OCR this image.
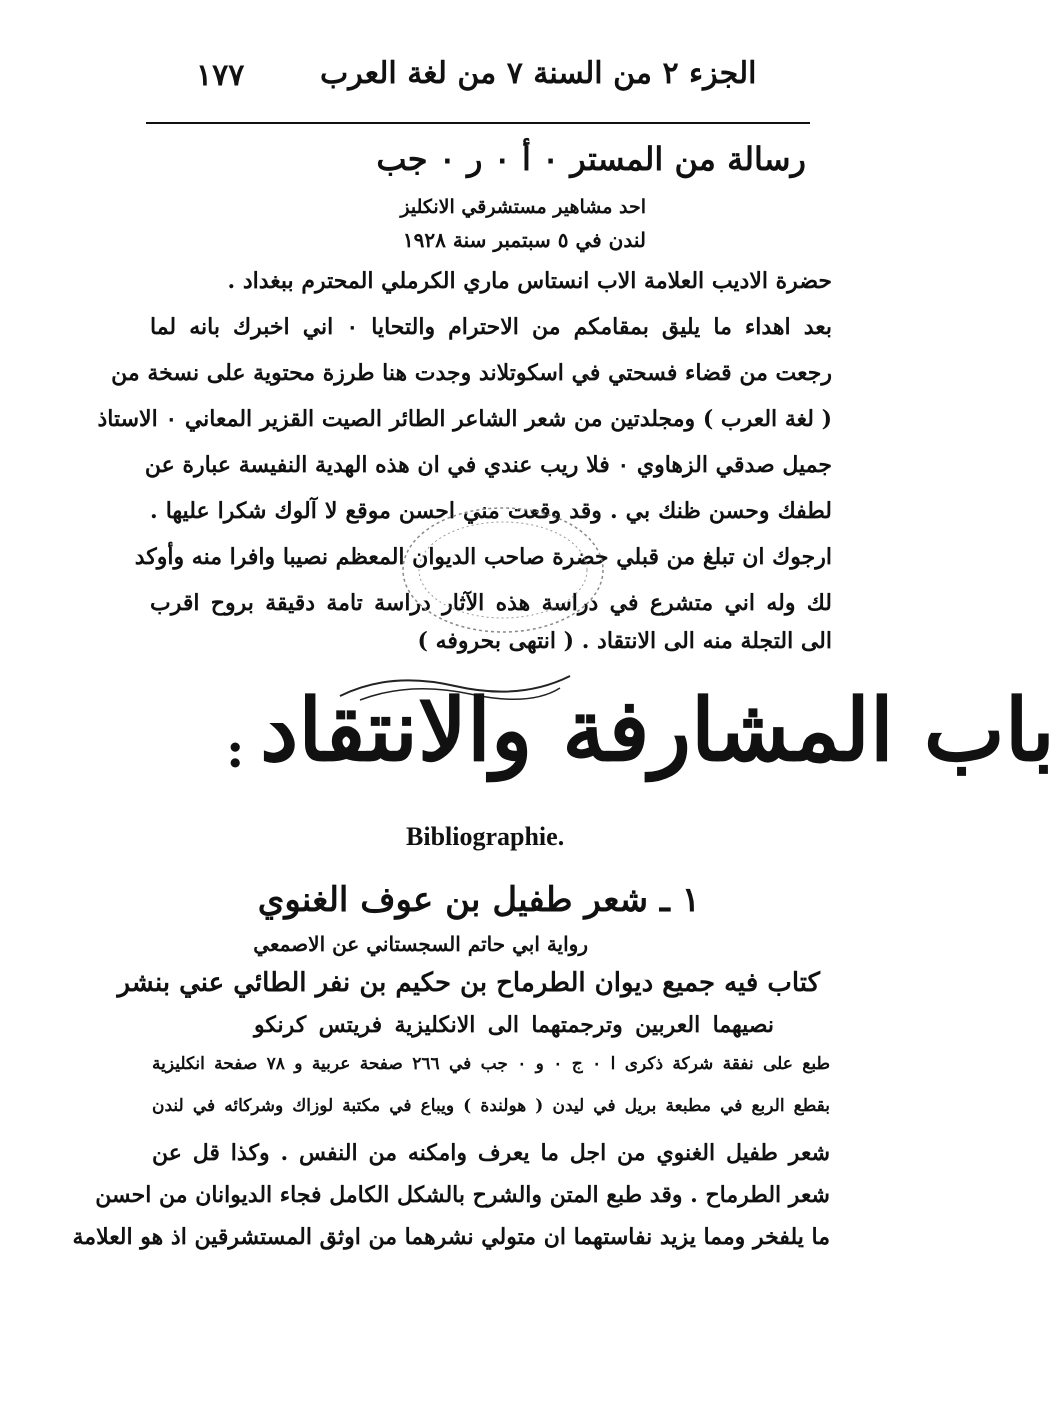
الجزء ٢ من السنة ٧ من لغة العرب
١٧٧
رسالة من المستر ٠ أ ٠ ر ٠ جب
احد مشاهير مستشرقي الانكليز
لندن في ٥ سبتمبر سنة ١٩٢٨
حضرة الاديب العلامة الاب انستاس ماري الكرملي المحترم ببغداد .
بعد اهداء ما يليق بمقامكم من الاحترام والتحايا ٠ اني اخبرك بانه لما
رجعت من قضاء فسحتي في اسكوتلاند وجدت هنا طرزة محتوية على نسخة من
( لغة العرب ) ومجلدتين من شعر الشاعر الطائر الصيت القزير المعاني ٠ الاستاذ
جميل صدقي الزهاوي ٠ فلا ريب عندي في ان هذه الهدية النفيسة عبارة عن
لطفك وحسن ظنك بي . وقد وقعت مني احسن موقع لا آلوك شكرا عليها .
ارجوك ان تبلغ من قبلي حضرة صاحب الديوان المعظم نصيبا وافرا منه وأوكد
لك وله اني متشرع في دراسة هذه الآثار دراسة تامة دقيقة بروح اقرب
الى التجلة منه الى الانتقاد . ( انتهى بحروفه )
باب المشارفة والانتقاد
:
Bibliographie.
١ ـ شعر طفيل بن عوف الغنوي
رواية ابي حاتم السجستاني عن الاصمعي
كتاب فيه جميع ديوان الطرماح بن حكيم بن نفر الطائي عني بنشر
نصيهما العربين وترجمتهما الى الانكليزية فريتس كرنكو
طبع على نفقة شركة ذكرى ا ٠ ج ٠ و ٠ جب في ٢٦٦ صفحة عربية و ٧٨ صفحة انكليزية
بقطع الربع في مطبعة بريل في ليدن ( هولندة ) ويباع في مكتبة لوزاك وشركائه في لندن
شعر طفيل الغنوي من اجل ما يعرف وامكنه من النفس . وكذا قل عن
شعر الطرماح . وقد طبع المتن والشرح بالشكل الكامل فجاء الديوانان من احسن
ما يلفخر ومما يزيد نفاستهما ان متولي نشرهما من اوثق المستشرقين اذ هو العلامة
